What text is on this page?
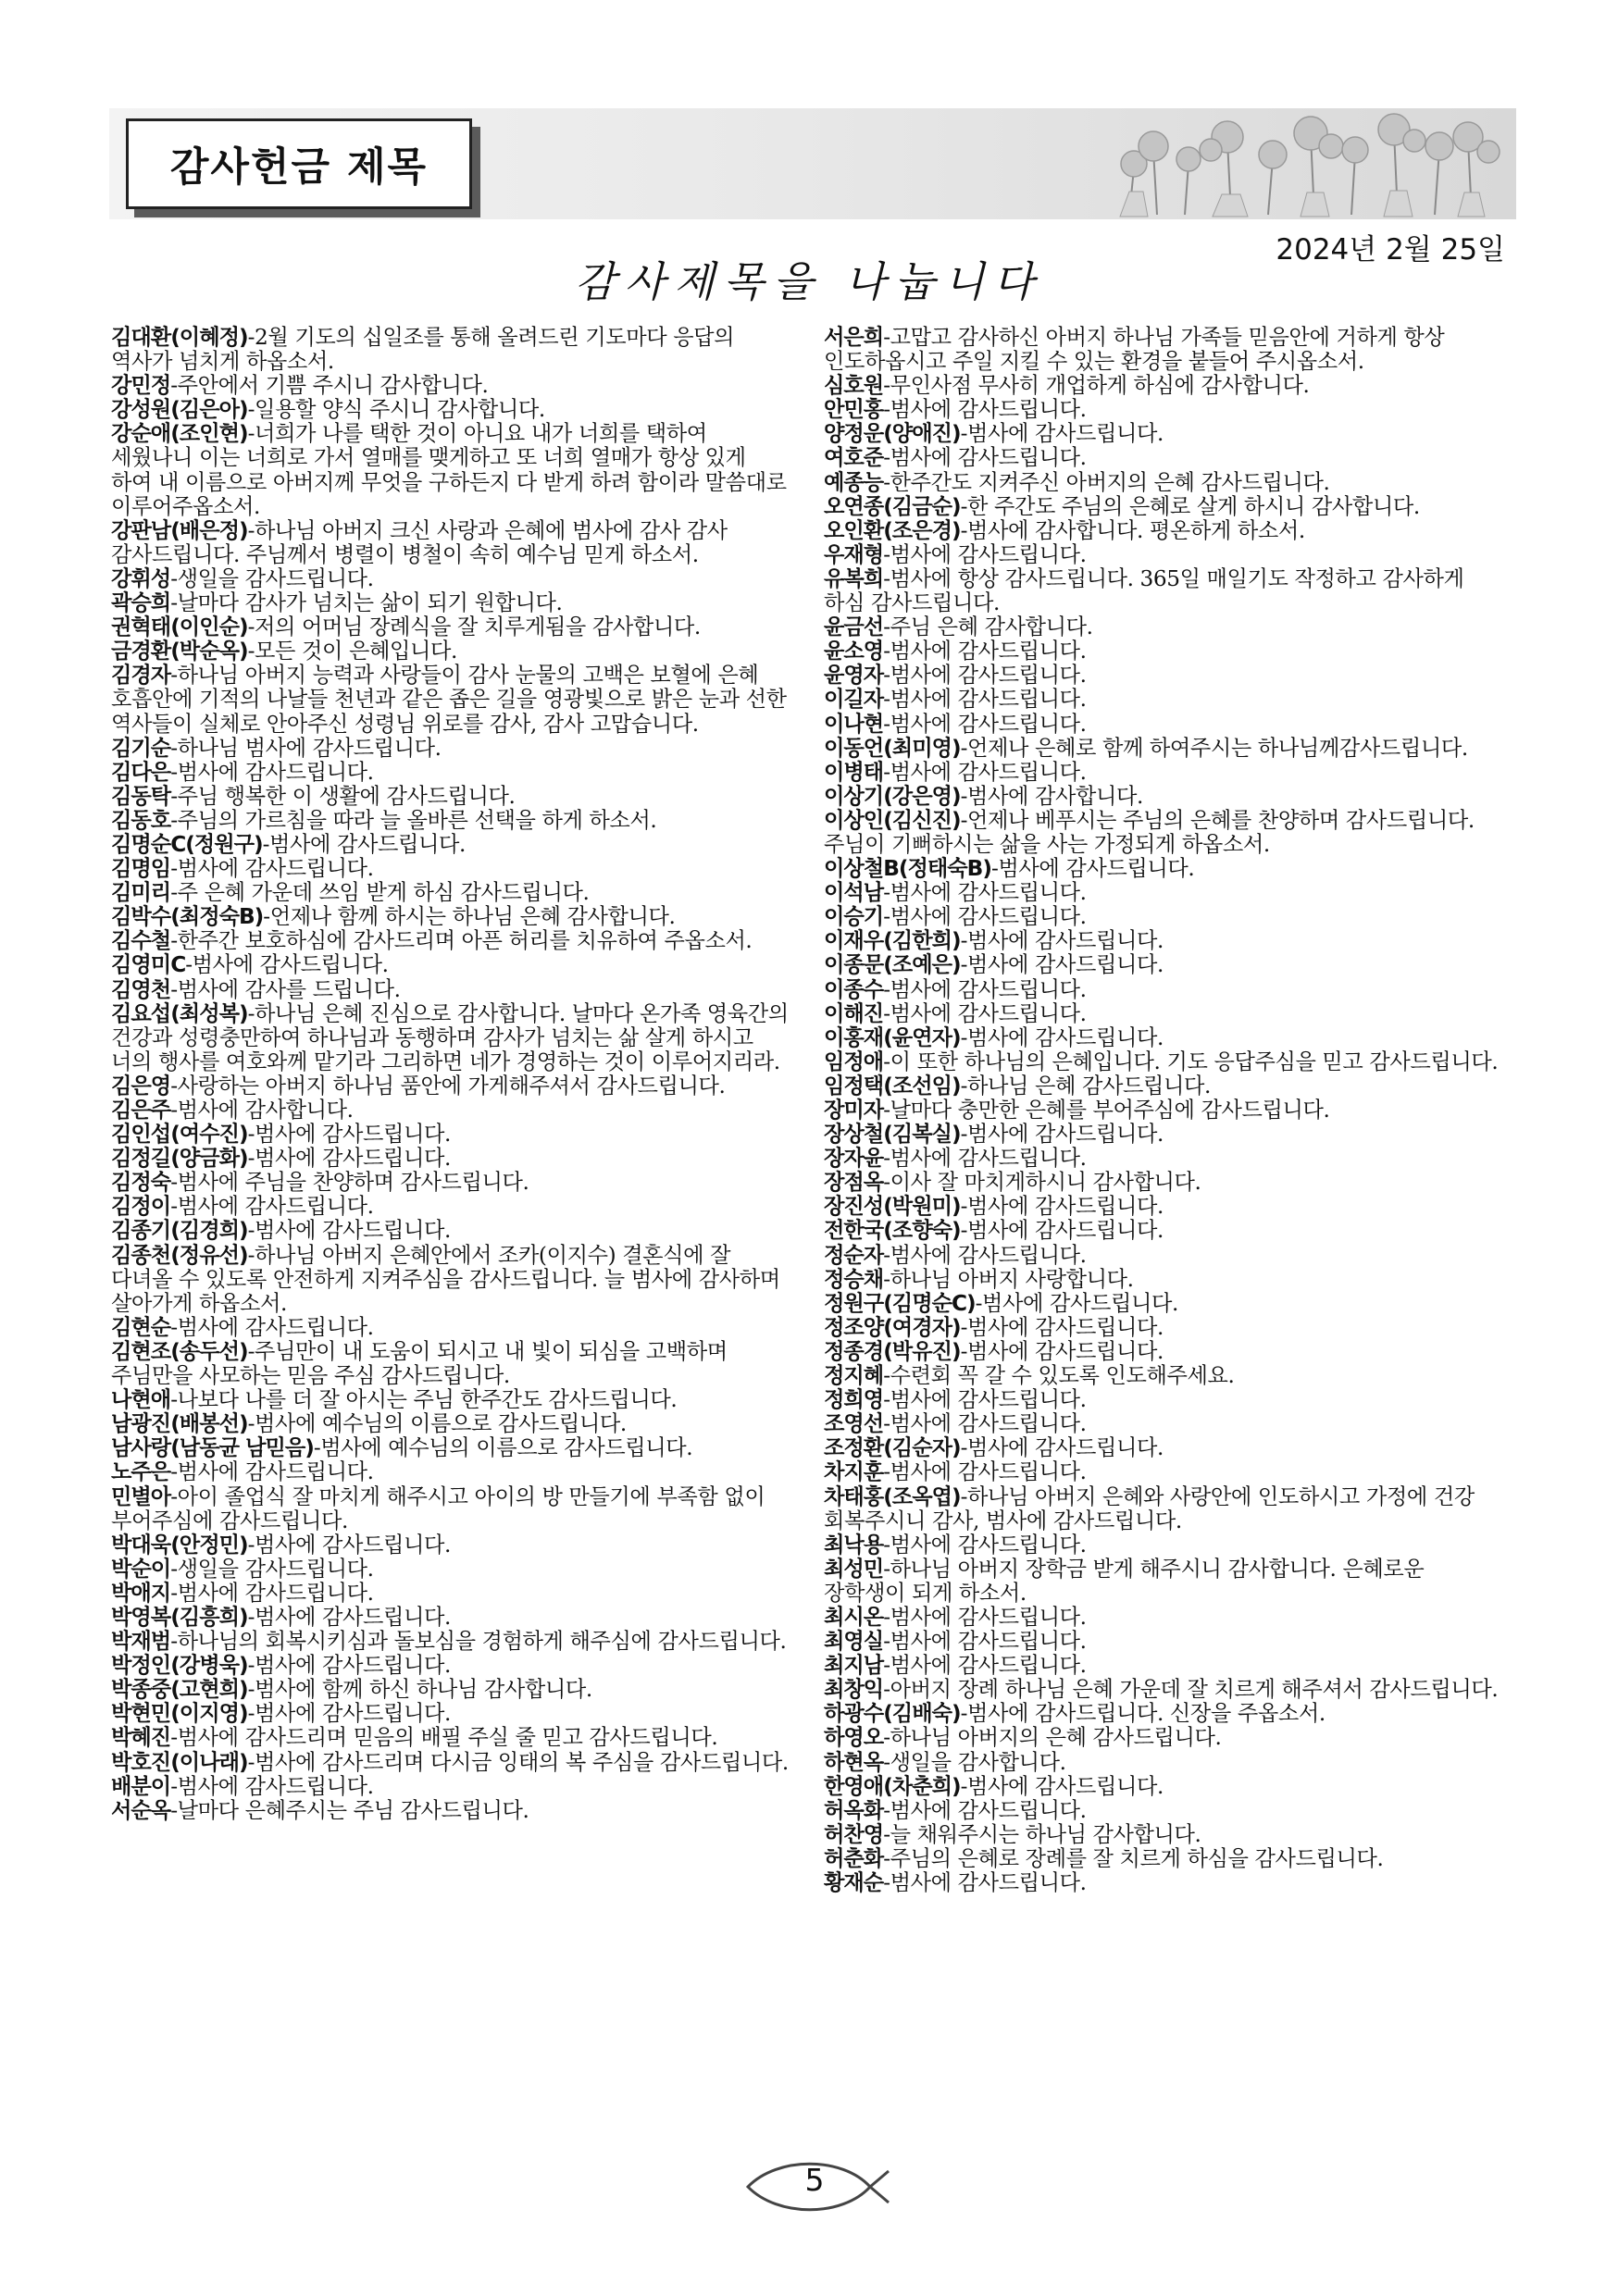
감사헌금 제목
2024년 2월 25일
감사제목을 나눕니다
김대환(이혜정)-2월 기도의 십일조를 통해 올려드린 기도마다 응답의 역사가 넘치게 하옵소서.
강민정-주안에서 기쁨 주시니 감사합니다.
강성원(김은아)-일용할 양식 주시니 감사합니다.
강순애(조인현)-너희가 나를 택한 것이 아니요 내가 너희를 택하여 세웠나니 이는 너희로 가서 열매를 맺게하고 또 너희 열매가 항상 있게 하여 내 이름으로 아버지께 무엇을 구하든지 다 받게 하려 함이라 말씀대로 이루어주옵소서.
강판남(배은정)-하나님 아버지 크신 사랑과 은혜에 범사에 감사 감사 감사드립니다. 주님께서 병렬이 병철이 속히 예수님 믿게 하소서.
강휘성-생일을 감사드립니다.
곽승희-날마다 감사가 넘치는 삶이 되기 원합니다.
권혁태(이인순)-저의 어머님 장례식을 잘 치루게됨을 감사합니다.
금경환(박순옥)-모든 것이 은혜입니다.
김경자-하나님 아버지 능력과 사랑들이 감사 눈물의 고백은 보혈에 은혜 호흡안에 기적의 나날들 천년과 같은 좁은 길을 영광빛으로 밝은 눈과 선한 역사들이 실체로 안아주신 성령님 위로를 감사, 감사 고맙습니다.
김기순-하나님 범사에 감사드립니다.
김다은-범사에 감사드립니다.
김동탁-주님 행복한 이 생활에 감사드립니다.
김동호-주님의 가르침을 따라 늘 올바른 선택을 하게 하소서.
김명순C(정원구)-범사에 감사드립니다.
김명임-범사에 감사드립니다.
김미리-주 은혜 가운데 쓰임 받게 하심 감사드립니다.
김박수(최정숙B)-언제나 함께 하시는 하나님 은혜 감사합니다.
김수철-한주간 보호하심에 감사드리며 아픈 허리를 치유하여 주옵소서.
김영미C-범사에 감사드립니다.
김영천-범사에 감사를 드립니다.
김요섭(최성복)-하나님 은혜 진심으로 감사합니다. 날마다 온가족 영육간의 건강과 성령충만하여 하나님과 동행하며 감사가 넘치는 삶 살게 하시고 너의 행사를 여호와께 맡기라 그리하면 네가 경영하는 것이 이루어지리라.
김은영-사랑하는 아버지 하나님 품안에 가게해주셔서 감사드립니다.
김은주-범사에 감사합니다.
김인섭(여수진)-범사에 감사드립니다.
김정길(양금화)-범사에 감사드립니다.
김정숙-범사에 주님을 찬양하며 감사드립니다.
김정이-범사에 감사드립니다.
김종기(김경희)-범사에 감사드립니다.
김종천(정유선)-하나님 아버지 은혜안에서 조카(이지수) 결혼식에 잘 다녀올 수 있도록 안전하게 지켜주심을 감사드립니다. 늘 범사에 감사하며 살아가게 하옵소서.
김현순-범사에 감사드립니다.
김현조(송두선)-주님만이 내 도움이 되시고 내 빛이 되심을 고백하며 주님만을 사모하는 믿음 주심 감사드립니다.
나현애-나보다 나를 더 잘 아시는 주님 한주간도 감사드립니다.
남광진(배봉선)-범사에 예수님의 이름으로 감사드립니다.
남사랑(남동균 남믿음)-범사에 예수님의 이름으로 감사드립니다.
노주은-범사에 감사드립니다.
민별아-아이 졸업식 잘 마치게 해주시고 아이의 방 만들기에 부족함 없이 부어주심에 감사드립니다.
박대욱(안정민)-범사에 감사드립니다.
박순이-생일을 감사드립니다.
박애지-범사에 감사드립니다.
박영복(김흥희)-범사에 감사드립니다.
박재범-하나님의 회복시키심과 돌보심을 경험하게 해주심에 감사드립니다.
박정인(강병욱)-범사에 감사드립니다.
박종중(고현희)-범사에 함께 하신 하나님 감사합니다.
박현민(이지영)-범사에 감사드립니다.
박혜진-범사에 감사드리며 믿음의 배필 주실 줄 믿고 감사드립니다.
박호진(이나래)-범사에 감사드리며 다시금 잉태의 복 주심을 감사드립니다.
배분이-범사에 감사드립니다.
서순옥-날마다 은혜주시는 주님 감사드립니다.
서은희-고맙고 감사하신 아버지 하나님 가족들 믿음안에 거하게 항상 인도하옵시고 주일 지킬 수 있는 환경을 붙들어 주시옵소서.
심호원-무인사점 무사히 개업하게 하심에 감사합니다.
안민홍-범사에 감사드립니다.
양정운(양애진)-범사에 감사드립니다.
여호준-범사에 감사드립니다.
예종능-한주간도 지켜주신 아버지의 은혜 감사드립니다.
오연종(김금순)-한 주간도 주님의 은혜로 살게 하시니 감사합니다.
오인환(조은경)-범사에 감사합니다. 평온하게 하소서.
우재형-범사에 감사드립니다.
유복희-범사에 항상 감사드립니다. 365일 매일기도 작정하고 감사하게 하심 감사드립니다.
윤금선-주님 은혜 감사합니다.
윤소영-범사에 감사드립니다.
윤영자-범사에 감사드립니다.
이길자-범사에 감사드립니다.
이나현-범사에 감사드립니다.
이동언(최미영)-언제나 은혜로 함께 하여주시는 하나님께감사드립니다.
이병태-범사에 감사드립니다.
이상기(강은영)-범사에 감사합니다.
이상인(김신진)-언제나 베푸시는 주님의 은혜를 찬양하며 감사드립니다. 주님이 기뻐하시는 삶을 사는 가정되게 하옵소서.
이상철B(정태숙B)-범사에 감사드립니다.
이석남-범사에 감사드립니다.
이승기-범사에 감사드립니다.
이재우(김한희)-범사에 감사드립니다.
이종문(조예은)-범사에 감사드립니다.
이종수-범사에 감사드립니다.
이해진-범사에 감사드립니다.
이홍재(윤연자)-범사에 감사드립니다.
임정애-이 또한 하나님의 은혜입니다. 기도 응답주심을 믿고 감사드립니다.
임정택(조선임)-하나님 은혜 감사드립니다.
장미자-날마다 충만한 은혜를 부어주심에 감사드립니다.
장상철(김복실)-범사에 감사드립니다.
장자윤-범사에 감사드립니다.
장점옥-이사 잘 마치게하시니 감사합니다.
장진성(박원미)-범사에 감사드립니다.
전한국(조향숙)-범사에 감사드립니다.
정순자-범사에 감사드립니다.
정승채-하나님 아버지 사랑합니다.
정원구(김명순C)-범사에 감사드립니다.
정조양(여경자)-범사에 감사드립니다.
정종경(박유진)-범사에 감사드립니다.
정지혜-수련회 꼭 갈 수 있도록 인도해주세요.
정희영-범사에 감사드립니다.
조영선-범사에 감사드립니다.
조정환(김순자)-범사에 감사드립니다.
차지훈-범사에 감사드립니다.
차태홍(조옥엽)-하나님 아버지 은혜와 사랑안에 인도하시고 가정에 건강 회복주시니 감사, 범사에 감사드립니다.
최낙용-범사에 감사드립니다.
최성민-하나님 아버지 장학금 받게 해주시니 감사합니다. 은혜로운 장학생이 되게 하소서.
최시온-범사에 감사드립니다.
최영실-범사에 감사드립니다.
최지남-범사에 감사드립니다.
최창익-아버지 장례 하나님 은혜 가운데 잘 치르게 해주셔서 감사드립니다.
하광수(김배숙)-범사에 감사드립니다. 신장을 주옵소서.
하영오-하나님 아버지의 은혜 감사드립니다.
하현옥-생일을 감사합니다.
한영애(차춘희)-범사에 감사드립니다.
허옥화-범사에 감사드립니다.
허찬영-늘 채워주시는 하나님 감사합니다.
허춘화-주님의 은혜로 장례를 잘 치르게 하심을 감사드립니다.
황재순-범사에 감사드립니다.
5
